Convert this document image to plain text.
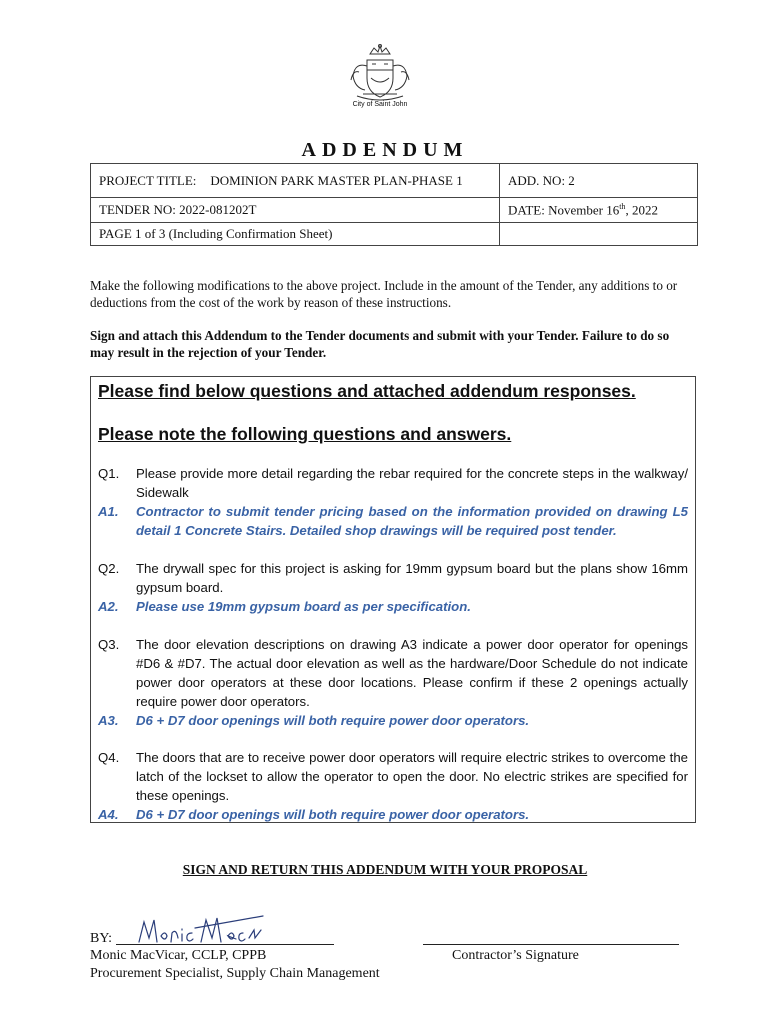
City of Saint John
ADDENDUM
PROJECT TITLE: DOMINION PARK MASTER PLAN-PHASE 1	ADD. NO: 2
TENDER NO: 2022-081202T	DATE: November 16th, 2022
PAGE 1 of 3 (Including Confirmation Sheet)	
Make the following modifications to the above project. Include in the amount of the Tender, any additions to or deductions from the cost of the work by reason of these instructions.
Sign and attach this Addendum to the Tender documents and submit with your Tender. Failure to do so may result in the rejection of your Tender.
Please find below questions and attached addendum responses.
Please note the following questions and answers.
Q1.	Please provide more detail regarding the rebar required for the concrete steps in the walkway/ Sidewalk
A1.	Contractor to submit tender pricing based on the information provided on drawing L5 detail 1 Concrete Stairs. Detailed shop drawings will be required post tender.
Q2.	The drywall spec for this project is asking for 19mm gypsum board but the plans show 16mm gypsum board.
A2.	Please use 19mm gypsum board as per specification.
Q3.	The door elevation descriptions on drawing A3 indicate a power door operator for openings #D6 & #D7. The actual door elevation as well as the hardware/Door Schedule do not indicate power door operators at these door locations. Please confirm if these 2 openings actually require power door operators.
A3.	D6 + D7 door openings will both require power door operators.
Q4.	The doors that are to receive power door operators will require electric strikes to overcome the latch of the lockset to allow the operator to open the door. No electric strikes are specified for these openings.
A4.	D6 + D7 door openings will both require power door operators.
SIGN AND RETURN THIS ADDENDUM WITH YOUR PROPOSAL
BY:
Monic MacVicar, CCLP, CPPB
Procurement Specialist, Supply Chain Management
Contractor’s Signature
